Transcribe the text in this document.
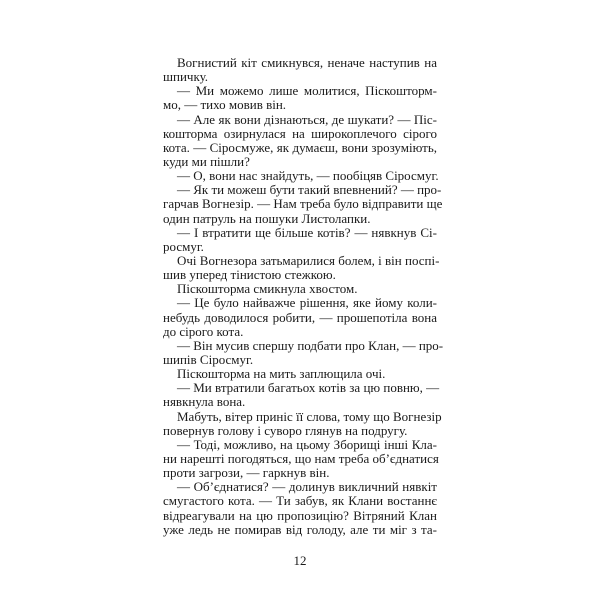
Вогнистий кіт смикнувся, неначе наступив на
шпичку.
— Ми можемо лише молитися, Піскошторм-
мо, — тихо мовив він.
— Але як вони дізнаються, де шукати? — Піс-
кошторма озирнулася на широкоплечого сірого
кота. — Сіросмуже, як думаєш, вони зрозуміють,
куди ми пішли?
— О, вони нас знайдуть, — пообіцяв Сіросмуг.
— Як ти можеш бути такий впевнений? — про-
гарчав Вогнезір. — Нам треба було відправити ще
один патруль на пошуки Листолапки.
— І втратити ще більше котів? — нявкнув Сі-
росмуг.
Очі Вогнезора затьмарилися болем, і він поспі-
шив уперед тінистою стежкою.
Піскошторма смикнула хвостом.
— Це було найважче рішення, яке йому коли-
небудь доводилося робити, — прошепотіла вона
до сірого кота.
— Він мусив спершу подбати про Клан, — про-
шипів Сіросмуг.
Піскошторма на мить заплющила очі.
— Ми втратили багатьох котів за цю повню, —
нявкнула вона.
Мабуть, вітер приніс її слова, тому що Вогнезір
повернув голову і суворо глянув на подругу.
— Тоді, можливо, на цьому Зборищі інші Кла-
ни нарешті погодяться, що нам треба об’єднатися
проти загрози, — гаркнув він.
— Об’єднатися? — долинув викличний нявкіт
смугастого кота. — Ти забув, як Клани востаннє
відреагували на цю пропозицію? Вітряний Клан
уже ледь не помирав від голоду, але ти міг з та-
12
